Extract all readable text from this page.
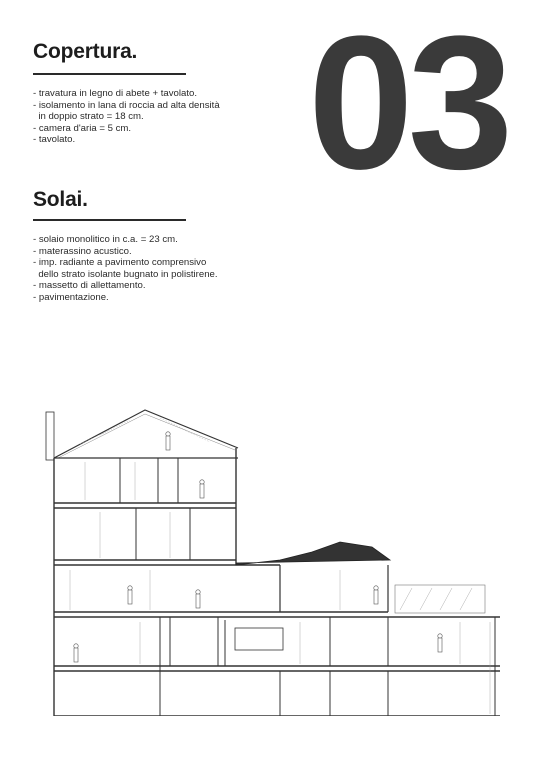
Copertura.
- travatura in legno di abete + tavolato.
- isolamento in lana di roccia ad alta densità
in doppio strato = 18 cm.
- camera d'aria = 5 cm.
- tavolato.
Solai.
- solaio monolitico in c.a. = 23 cm.
- materassino acustico.
- imp. radiante a pavimento comprensivo
dello strato isolante bugnato in polistirene.
- massetto di allettamento.
- pavimentazione.
03
